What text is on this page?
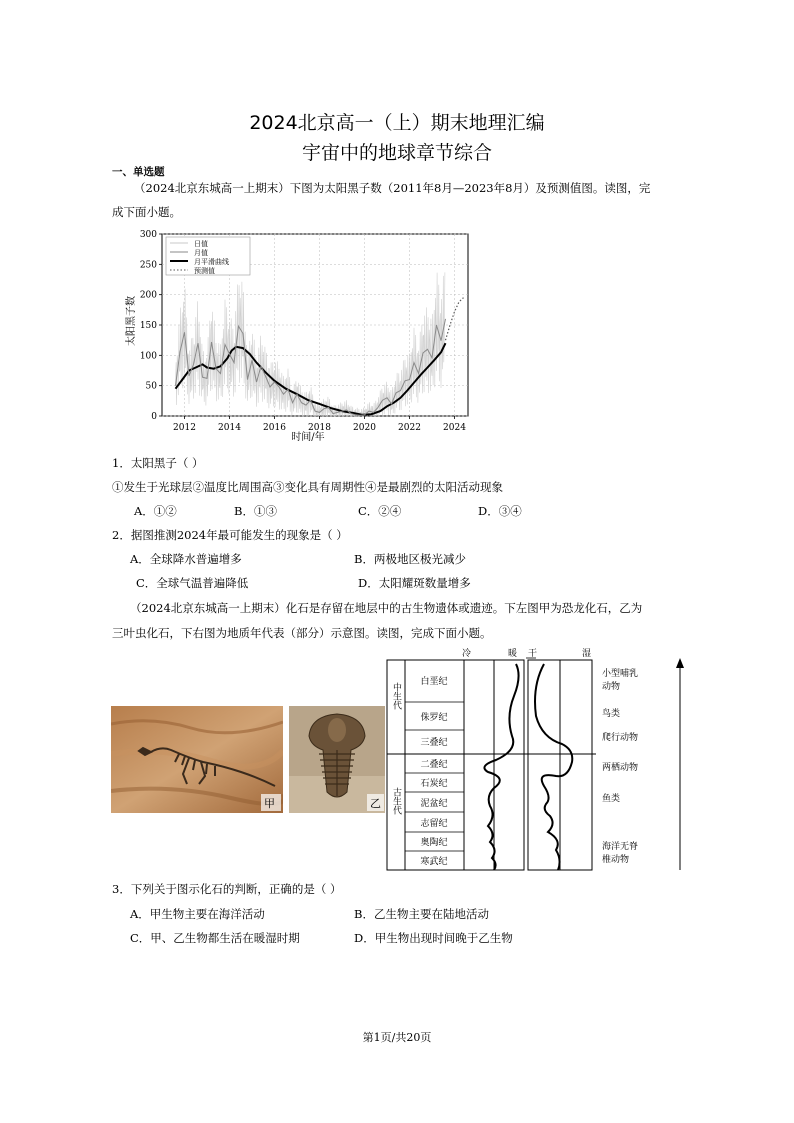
2024北京高一（上）期末地理汇编
宇宙中的地球章节综合
一、单选题
（2024北京东城高一上期末）下图为太阳黑子数（2011年8月—2023年8月）及预测值图。读图，完
成下面小题。
0
50
100
150
200
250
300
2012 2014 2016 2018 2020 2022 2024
日值
月值
月平滑曲线
预测值
太阳黑子数
时间/年
1．太阳黑子（ ）
①发生于光球层②温度比周围高③变化具有周期性④是最剧烈的太阳活动现象
A．①②	B．①③	C．②④	D．③④
2．据图推测2024年最可能发生的现象是（ ）
A．全球降水普遍增多	B．两极地区极光减少
C．全球气温普遍降低	D．太阳耀斑数量增多
（2024北京东城高一上期末）化石是存留在地层中的古生物遗体或遗迹。下左图甲为恐龙化石，乙为
三叶虫化石，下右图为地质年代表（部分）示意图。读图，完成下面小题。
甲	乙
冷	暖 干	湿
中生代
古生代
白垩纪
侏罗纪
三叠纪
二叠纪
石炭纪
泥盆纪
志留纪
奥陶纪
寒武纪
小型哺乳
动物
鸟类
爬行动物
两栖动物
鱼类
海洋无脊
椎动物
3．下列关于图示化石的判断，正确的是（ ）
A．甲生物主要在海洋活动	B．乙生物主要在陆地活动
C．甲、乙生物都生活在暖湿时期	D．甲生物出现时间晚于乙生物
第1页/共20页
